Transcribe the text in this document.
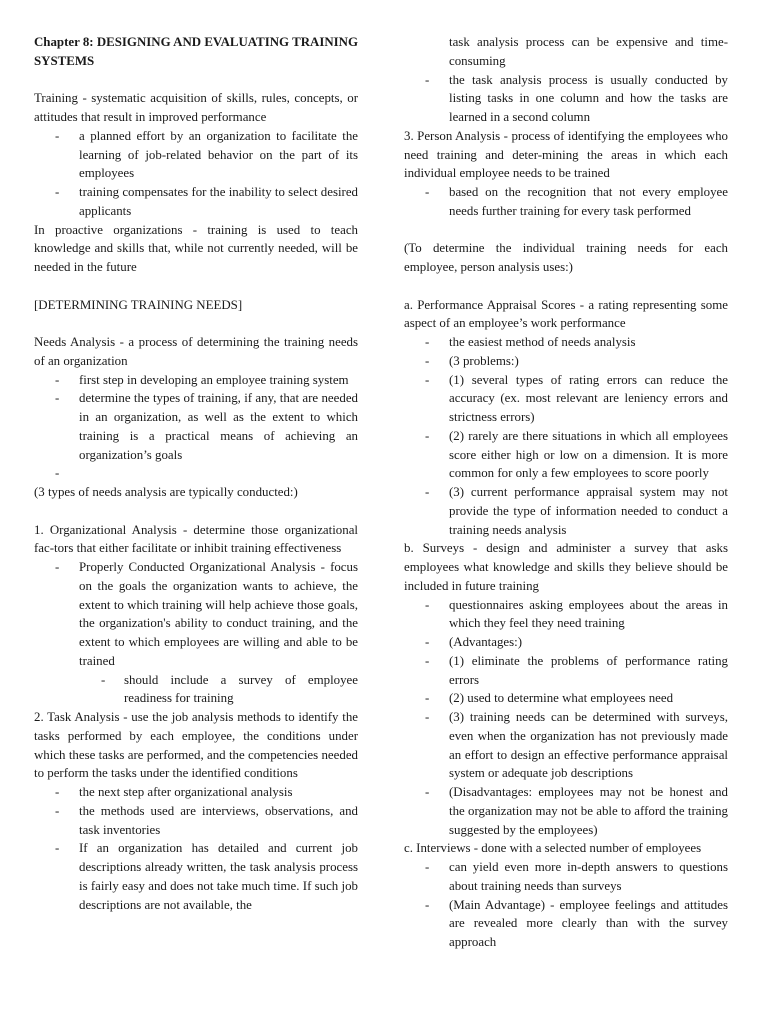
Chapter 8: DESIGNING AND EVALUATING TRAINING SYSTEMS

Training - systematic acquisition of skills, rules, concepts, or attitudes that result in improved performance

- a planned effort by an organization to facilitate the learning of job-related behavior on the part of its employees
- training compensates for the inability to select desired applicants

In proactive organizations - training is used to teach knowledge and skills that, while not currently needed, will be needed in the future

[DETERMINING TRAINING NEEDS]

Needs Analysis - a process of determining the training needs of an organization

- first step in developing an employee training system
- determine the types of training, if any, that are needed in an organization, as well as the extent to which training is a practical means of achieving an organization’s goals
-

(3 types of needs analysis are typically conducted:)

1. Organizational Analysis - determine those organizational fac-tors that either facilitate or inhibit training effectiveness

- Properly Conducted Organizational Analysis - focus on the goals the organization wants to achieve, the extent to which training will help achieve those goals, the organization's ability to conduct training, and the extent to which employees are willing and able to be trained
- should include a survey of employee readiness for training

2. Task Analysis - use the job analysis methods to identify the tasks performed by each employee, the conditions under which these tasks are performed, and the competencies needed to perform the tasks under the identified conditions

- the next step after organizational analysis
- the methods used are interviews, observations, and task inventories
- If an organization has detailed and current job descriptions already written, the task analysis process is fairly easy and does not take much time. If such job descriptions are not available, the
task analysis process can be expensive and time-consuming
- the task analysis process is usually conducted by listing tasks in one column and how the tasks are learned in a second column

3. Person Analysis - process of identifying the employees who need training and deter-mining the areas in which each individual employee needs to be trained

- based on the recognition that not every employee needs further training for every task performed

(To determine the individual training needs for each employee, person analysis uses:)

a. Performance Appraisal Scores - a rating representing some aspect of an employee’s work performance

- the easiest method of needs analysis
- (3 problems:)
- (1) several types of rating errors can reduce the accuracy (ex. most relevant are leniency errors and strictness errors)
- (2) rarely are there situations in which all employees score either high or low on a dimension. It is more common for only a few employees to score poorly
- (3) current performance appraisal system may not provide the type of information needed to conduct a training needs analysis

b. Surveys - design and administer a survey that asks employees what knowledge and skills they believe should be included in future training

- questionnaires asking employees about the areas in which they feel they need training
- (Advantages:)
- (1) eliminate the problems of performance rating errors
- (2) used to determine what employees need
- (3) training needs can be determined with surveys, even when the organization has not previously made an effort to design an effective performance appraisal system or adequate job descriptions
- (Disadvantages: employees may not be honest and the organization may not be able to afford the training suggested by the employees)

c. Interviews - done with a selected number of employees

- can yield even more in-depth answers to questions about training needs than surveys
- (Main Advantage) - employee feelings and attitudes are revealed more clearly than with the survey approach
